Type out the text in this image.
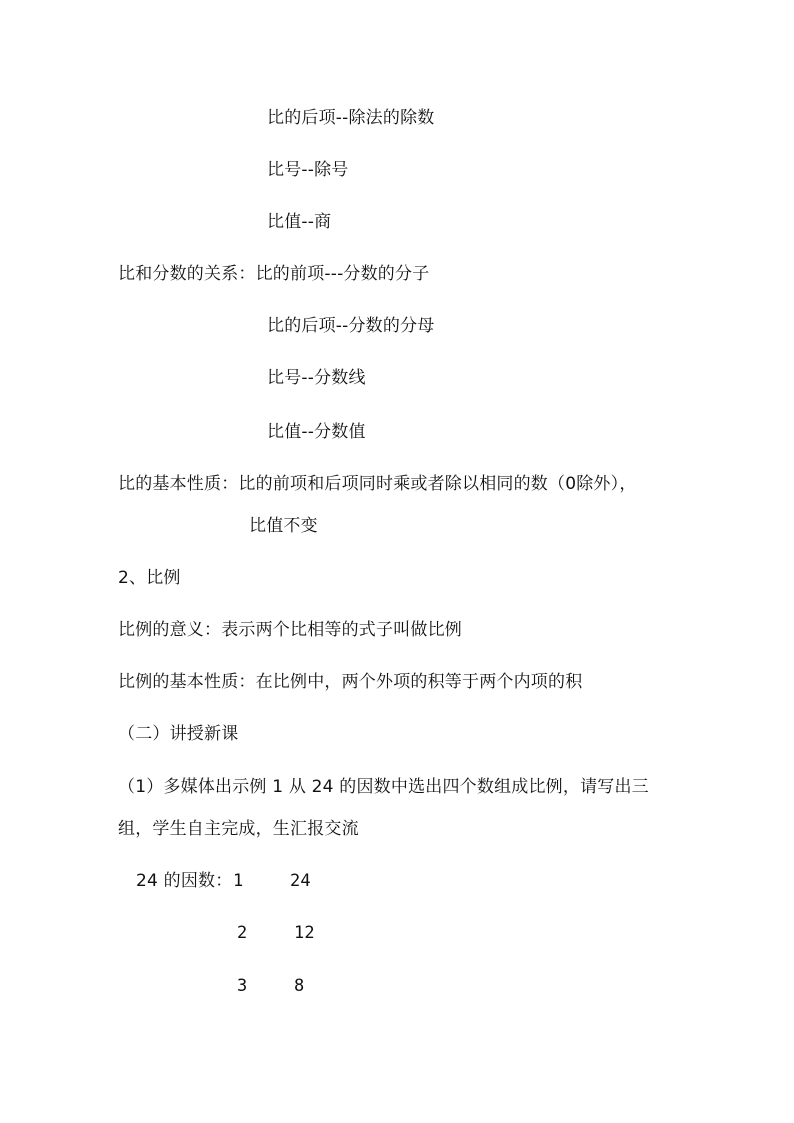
比的后项--除法的除数
比号--除号
比值--商
比和分数的关系：比的前项---分数的分子
比的后项--分数的分母
比号--分数线
比值--分数值
比的基本性质：比的前项和后项同时乘或者除以相同的数（0除外），
比值不变
2、比例
比例的意义：表示两个比相等的式子叫做比例
比例的基本性质：在比例中，两个外项的积等于两个内项的积
（二）讲授新课
（1）多媒体出示例 1 从 24 的因数中选出四个数组成比例，请写出三
组，学生自主完成，生汇报交流
24 的因数： 1	24
2	12
3	8
